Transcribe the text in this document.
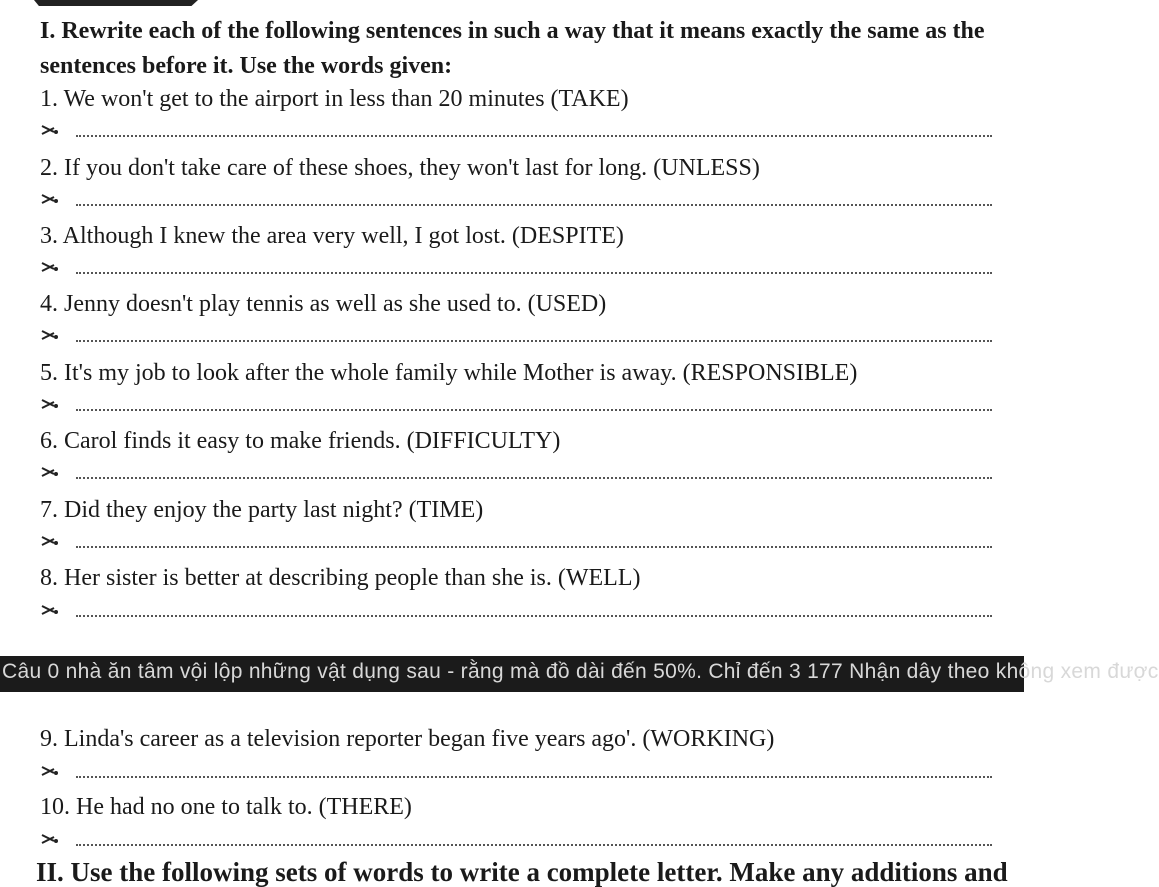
I. Rewrite each of the following sentences in such a way that it means exactly the same as the sentences before it. Use the words given:
1. We won't get to the airport in less than 20 minutes (TAKE)
2. If you don't take care of these shoes, they won't last for long. (UNLESS)
3. Although I knew the area very well, I got lost. (DESPITE)
4. Jenny doesn't play tennis as well as she used to. (USED)
5. It's my job to look after the whole family while Mother is away. (RESPONSIBLE)
6. Carol finds it easy to make friends. (DIFFICULTY)
7. Did they enjoy the party last night? (TIME)
8. Her sister is better at describing people than she is. (WELL)
Câu 0 nhà ăn tâm vội lộp những vật dụng sau - rằng mà đồ dài đến 50%. Chỉ đến 3 177 Nhận dây theo không xem được
9. Linda's career as a television reporter began five years ago'. (WORKING)
10. He had no one to talk to. (THERE)
II. Use the following sets of words to write a complete letter. Make any additions and
